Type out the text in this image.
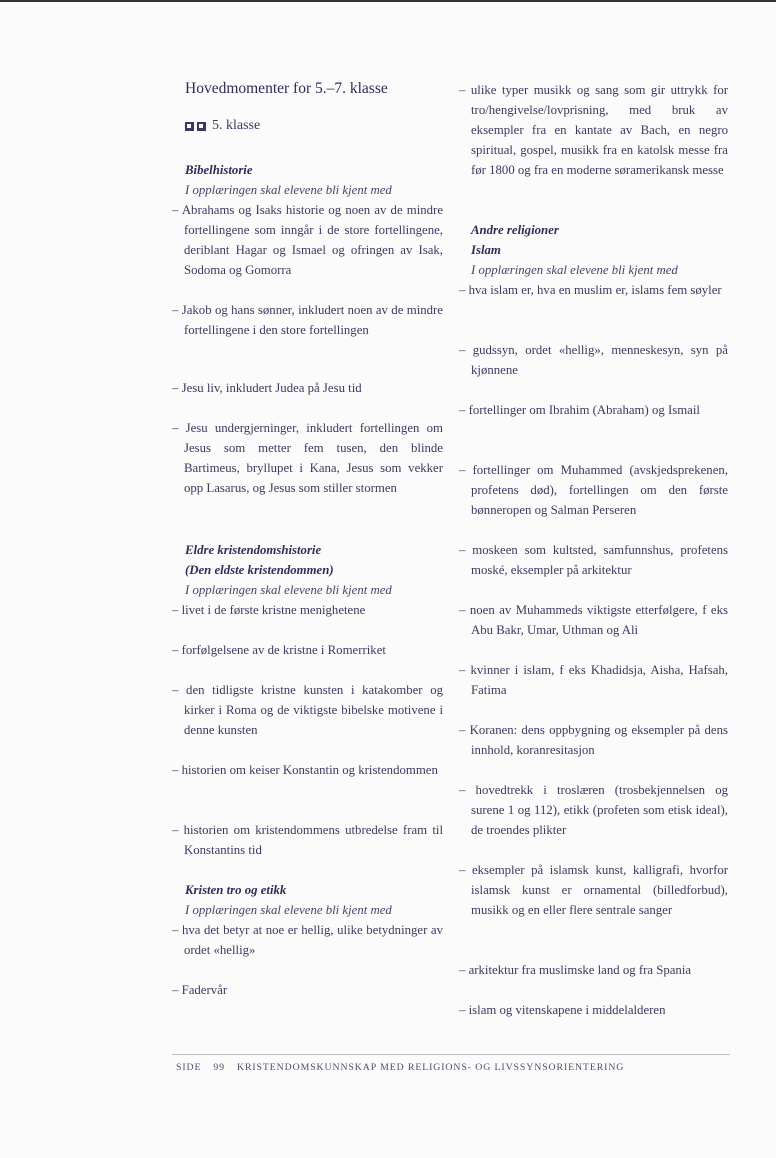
Hovedmomenter for 5.–7. klasse
5. klasse
Bibelhistorie
I opplæringen skal elevene bli kjent med
– Abrahams og Isaks historie og noen av de mindre fortellingene som inngår i de store fortellingene, deriblant Hagar og Ismael og ofringen av Isak, Sodoma og Gomorra
– Jakob og hans sønner, inkludert noen av de mindre fortellingene i den store fortellingen
– Jesu liv, inkludert Judea på Jesu tid
– Jesu undergjerninger, inkludert fortellingen om Jesus som metter fem tusen, den blinde Bartimeus, bryllupet i Kana, Jesus som vekker opp Lasarus, og Jesus som stiller stormen
Eldre kristendomshistorie
(Den eldste kristendommen)
I opplæringen skal elevene bli kjent med
– livet i de første kristne menighetene
– forfølgelsene av de kristne i Romerriket
– den tidligste kristne kunsten i katakomber og kirker i Roma og de viktigste bibelske motivene i denne kunsten
– historien om keiser Konstantin og kristendommen
– historien om kristendommens utbredelse fram til Konstantins tid
Kristen tro og etikk
I opplæringen skal elevene bli kjent med
– hva det betyr at noe er hellig, ulike betydninger av ordet «hellig»
– Fadervår
– ulike typer musikk og sang som gir uttrykk for tro/hengivelse/lovprisning, med bruk av eksempler fra en kantate av Bach, en negro spiritual, gospel, musikk fra en katolsk messe fra før 1800 og fra en moderne søramerikansk messe
Andre religioner
Islam
I opplæringen skal elevene bli kjent med
– hva islam er, hva en muslim er, islams fem søyler
– gudssyn, ordet «hellig», menneskesyn, syn på kjønnene
– fortellinger om Ibrahim (Abraham) og Ismail
– fortellinger om Muhammed (avskjedsprekenen, profetens død), fortellingen om den første bønneropen og Salman Perseren
– moskeen som kultsted, samfunnshus, profetens moské, eksempler på arkitektur
– noen av Muhammeds viktigste etterfølgere, f eks Abu Bakr, Umar, Uthman og Ali
– kvinner i islam, f eks Khadidsja, Aisha, Hafsah, Fatima
– Koranen: dens oppbygning og eksempler på dens innhold, koranresitasjon
– hovedtrekk i troslæren (trosbekjennelsen og surene 1 og 112), etikk (profeten som etisk ideal), de troendes plikter
– eksempler på islamsk kunst, kalligrafi, hvorfor islamsk kunst er ornamental (billedforbud), musikk og en eller flere sentrale sanger
– arkitektur fra muslimske land og fra Spania
– islam og vitenskapene i middelalderen
SIDE 99 KRISTENDOMSKUNNSKAP MED RELIGIONS- OG LIVSSYNSORIENTERING
